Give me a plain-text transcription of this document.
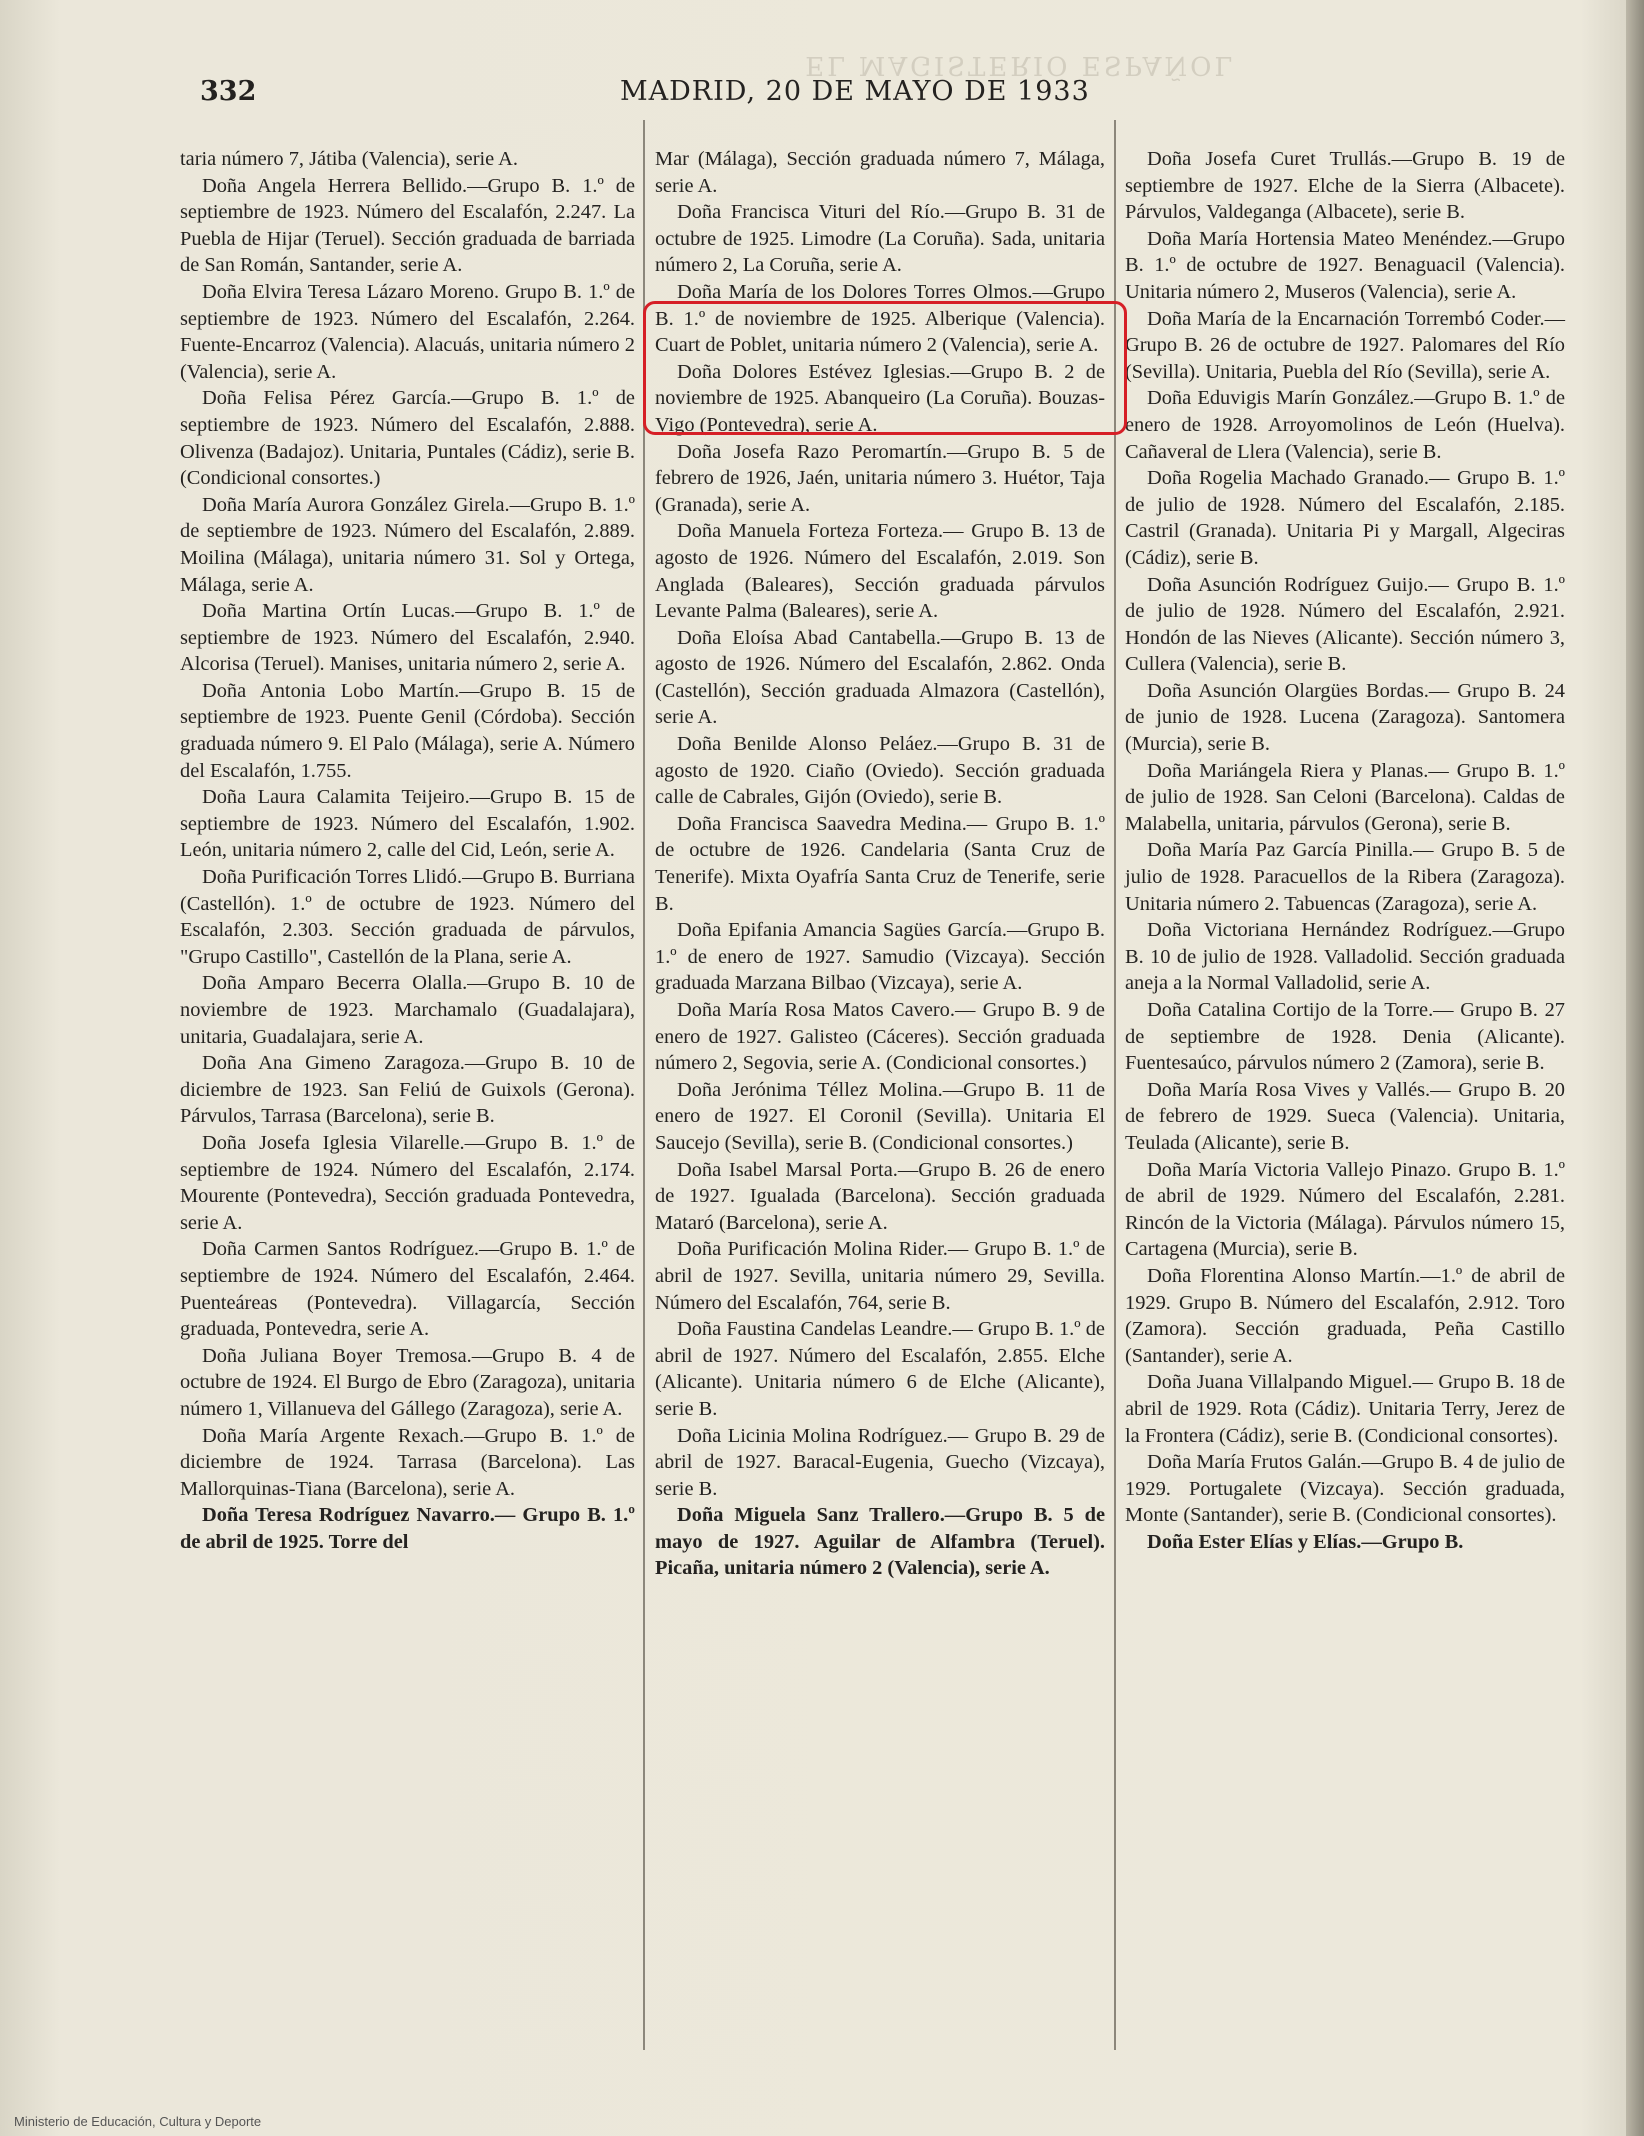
EL MAGISTERIO ESPAÑOL
332	MADRID, 20 DE MAYO DE 1933

taria número 7, Játiba (Valencia), serie A.

Doña Angela Herrera Bellido.—Grupo B. 1.º de septiembre de 1923. Número del Escalafón, 2.247. La Puebla de Hijar (Teruel). Sección graduada de barriada de San Román, Santander, serie A.

Doña Elvira Teresa Lázaro Moreno. Grupo B. 1.º de septiembre de 1923. Número del Escalafón, 2.264. Fuente-Encarroz (Valencia). Alacuás, unitaria número 2 (Valencia), serie A.

Doña Felisa Pérez García.—Grupo B. 1.º de septiembre de 1923. Número del Escalafón, 2.888. Olivenza (Badajoz). Unitaria, Puntales (Cádiz), serie B. (Condicional consortes.)

Doña María Aurora González Girela.—Grupo B. 1.º de septiembre de 1923. Número del Escalafón, 2.889. Moilina (Málaga), unitaria número 31. Sol y Ortega, Málaga, serie A.

Doña Martina Ortín Lucas.—Grupo B. 1.º de septiembre de 1923. Número del Escalafón, 2.940. Alcorisa (Teruel). Manises, unitaria número 2, serie A.

Doña Antonia Lobo Martín.—Grupo B. 15 de septiembre de 1923. Puente Genil (Córdoba). Sección graduada número 9. El Palo (Málaga), serie A. Número del Escalafón, 1.755.

Doña Laura Calamita Teijeiro.—Grupo B. 15 de septiembre de 1923. Número del Escalafón, 1.902. León, unitaria número 2, calle del Cid, León, serie A.

Doña Purificación Torres Llidó.—Grupo B. Burriana (Castellón). 1.º de octubre de 1923. Número del Escalafón, 2.303. Sección graduada de párvulos, "Grupo Castillo", Castellón de la Plana, serie A.

Doña Amparo Becerra Olalla.—Grupo B. 10 de noviembre de 1923. Marchamalo (Guadalajara), unitaria, Guadalajara, serie A.

Doña Ana Gimeno Zaragoza.—Grupo B. 10 de diciembre de 1923. San Feliú de Guixols (Gerona). Párvulos, Tarrasa (Barcelona), serie B.

Doña Josefa Iglesia Vilarelle.—Grupo B. 1.º de septiembre de 1924. Número del Escalafón, 2.174. Mourente (Pontevedra), Sección graduada Pontevedra, serie A.

Doña Carmen Santos Rodríguez.—Grupo B. 1.º de septiembre de 1924. Número del Escalafón, 2.464. Puenteáreas (Pontevedra). Villagarcía, Sección graduada, Pontevedra, serie A.

Doña Juliana Boyer Tremosa.—Grupo B. 4 de octubre de 1924. El Burgo de Ebro (Zaragoza), unitaria número 1, Villanueva del Gállego (Zaragoza), serie A.

Doña María Argente Rexach.—Grupo B. 1.º de diciembre de 1924. Tarrasa (Barcelona). Las Mallorquinas-Tiana (Barcelona), serie A.

Doña Teresa Rodríguez Navarro.— Grupo B. 1.º de abril de 1925. Torre del

Mar (Málaga), Sección graduada número 7, Málaga, serie A.

Doña Francisca Vituri del Río.—Grupo B. 31 de octubre de 1925. Limodre (La Coruña). Sada, unitaria número 2, La Coruña, serie A.

Doña María de los Dolores Torres Olmos.—Grupo B. 1.º de noviembre de 1925. Alberique (Valencia). Cuart de Poblet, unitaria número 2 (Valencia), serie A.

Doña Dolores Estévez Iglesias.—Grupo B. 2 de noviembre de 1925. Abanqueiro (La Coruña). Bouzas-Vigo (Pontevedra), serie A.

Doña Josefa Razo Peromartín.—Grupo B. 5 de febrero de 1926, Jaén, unitaria número 3. Huétor, Taja (Granada), serie A.

Doña Manuela Forteza Forteza.— Grupo B. 13 de agosto de 1926. Número del Escalafón, 2.019. Son Anglada (Baleares), Sección graduada párvulos Levante Palma (Baleares), serie A.

Doña Eloísa Abad Cantabella.—Grupo B. 13 de agosto de 1926. Número del Escalafón, 2.862. Onda (Castellón), Sección graduada Almazora (Castellón), serie A.

Doña Benilde Alonso Peláez.—Grupo B. 31 de agosto de 1920. Ciaño (Oviedo). Sección graduada calle de Cabrales, Gijón (Oviedo), serie B.

Doña Francisca Saavedra Medina.— Grupo B. 1.º de octubre de 1926. Candelaria (Santa Cruz de Tenerife). Mixta Oyafría Santa Cruz de Tenerife, serie B.

Doña Epifania Amancia Sagües García.—Grupo B. 1.º de enero de 1927. Samudio (Vizcaya). Sección graduada Marzana Bilbao (Vizcaya), serie A.

Doña María Rosa Matos Cavero.— Grupo B. 9 de enero de 1927. Galisteo (Cáceres). Sección graduada número 2, Segovia, serie A. (Condicional consortes.)

Doña Jerónima Téllez Molina.—Grupo B. 11 de enero de 1927. El Coronil (Sevilla). Unitaria El Saucejo (Sevilla), serie B. (Condicional consortes.)

Doña Isabel Marsal Porta.—Grupo B. 26 de enero de 1927. Igualada (Barcelona). Sección graduada Mataró (Barcelona), serie A.

Doña Purificación Molina Rider.— Grupo B. 1.º de abril de 1927. Sevilla, unitaria número 29, Sevilla. Número del Escalafón, 764, serie B.

Doña Faustina Candelas Leandre.— Grupo B. 1.º de abril de 1927. Número del Escalafón, 2.855. Elche (Alicante). Unitaria número 6 de Elche (Alicante), serie B.

Doña Licinia Molina Rodríguez.— Grupo B. 29 de abril de 1927. Baracal-Eugenia, Guecho (Vizcaya), serie B.

Doña Miguela Sanz Trallero.—Grupo B. 5 de mayo de 1927. Aguilar de Alfambra (Teruel). Picaña, unitaria número 2 (Valencia), serie A.

Doña Josefa Curet Trullás.—Grupo B. 19 de septiembre de 1927. Elche de la Sierra (Albacete). Párvulos, Valdeganga (Albacete), serie B.

Doña María Hortensia Mateo Menéndez.—Grupo B. 1.º de octubre de 1927. Benaguacil (Valencia). Unitaria número 2, Museros (Valencia), serie A.

Doña María de la Encarnación Torrembó Coder.—Grupo B. 26 de octubre de 1927. Palomares del Río (Sevilla). Unitaria, Puebla del Río (Sevilla), serie A.

Doña Eduvigis Marín González.—Grupo B. 1.º de enero de 1928. Arroyomolinos de León (Huelva). Cañaveral de Llera (Valencia), serie B.

Doña Rogelia Machado Granado.— Grupo B. 1.º de julio de 1928. Número del Escalafón, 2.185. Castril (Granada). Unitaria Pi y Margall, Algeciras (Cádiz), serie B.

Doña Asunción Rodríguez Guijo.— Grupo B. 1.º de julio de 1928. Número del Escalafón, 2.921. Hondón de las Nieves (Alicante). Sección número 3, Cullera (Valencia), serie B.

Doña Asunción Olargües Bordas.— Grupo B. 24 de junio de 1928. Lucena (Zaragoza). Santomera (Murcia), serie B.

Doña Mariángela Riera y Planas.— Grupo B. 1.º de julio de 1928. San Celoni (Barcelona). Caldas de Malabella, unitaria, párvulos (Gerona), serie B.

Doña María Paz García Pinilla.— Grupo B. 5 de julio de 1928. Paracuellos de la Ribera (Zaragoza). Unitaria número 2. Tabuencas (Zaragoza), serie A.

Doña Victoriana Hernández Rodríguez.—Grupo B. 10 de julio de 1928. Valladolid. Sección graduada aneja a la Normal Valladolid, serie A.

Doña Catalina Cortijo de la Torre.— Grupo B. 27 de septiembre de 1928. Denia (Alicante). Fuentesaúco, párvulos número 2 (Zamora), serie B.

Doña María Rosa Vives y Vallés.— Grupo B. 20 de febrero de 1929. Sueca (Valencia). Unitaria, Teulada (Alicante), serie B.

Doña María Victoria Vallejo Pinazo. Grupo B. 1.º de abril de 1929. Número del Escalafón, 2.281. Rincón de la Victoria (Málaga). Párvulos número 15, Cartagena (Murcia), serie B.

Doña Florentina Alonso Martín.—1.º de abril de 1929. Grupo B. Número del Escalafón, 2.912. Toro (Zamora). Sección graduada, Peña Castillo (Santander), serie A.

Doña Juana Villalpando Miguel.— Grupo B. 18 de abril de 1929. Rota (Cádiz). Unitaria Terry, Jerez de la Frontera (Cádiz), serie B. (Condicional consortes).

Doña María Frutos Galán.—Grupo B. 4 de julio de 1929. Portugalete (Vizcaya). Sección graduada, Monte (Santander), serie B. (Condicional consortes).

Doña Ester Elías y Elías.—Grupo B.

Ministerio de Educación, Cultura y Deporte
